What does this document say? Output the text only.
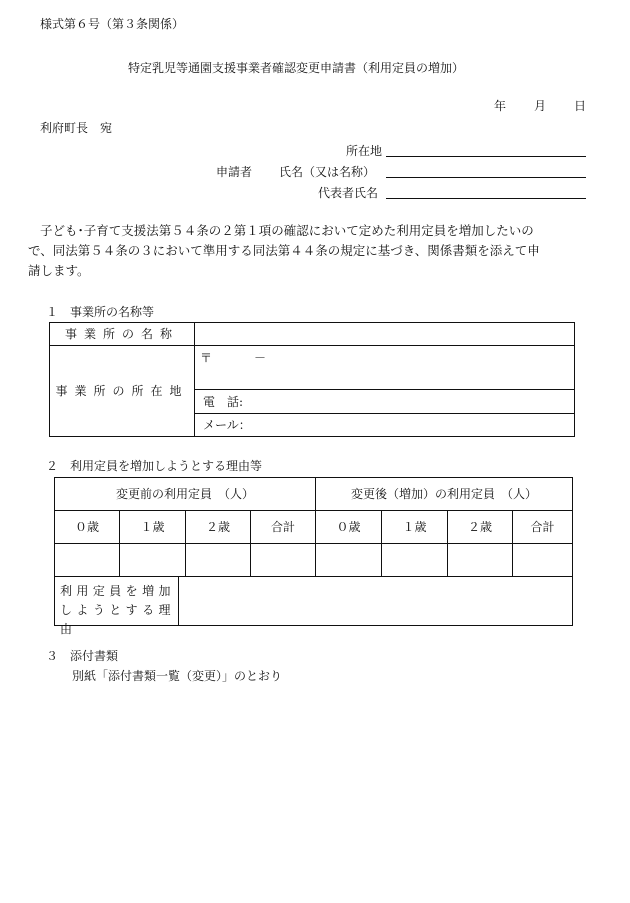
様式第６号（第３条関係）
特定乳児等通園支援事業者確認変更申請書（利用定員の増加）
年 月 日
利府町長　宛
所在地
申請者 氏名（又は名称）
代表者氏名
子ども･子育て支援法第５４条の２第１項の確認において定めた利用定員を増加したいの
で、同法第５４条の３において準用する同法第４４条の規定に基づき、関係書類を添えて申
請します。
１　事業所の名称等
事業所の名称
事業所の所在地
〒	－
電　話:
メール：
２　利用定員を増加しようとする理由等
変更前の利用定員　（人）	変更後（増加）の利用定員　（人）
０歳	１歳	２歳	合計	０歳	１歳	２歳	合計
利用定員を増加しようとする理由
３　添付書類
別紙「添付書類一覧（変更）」のとおり
